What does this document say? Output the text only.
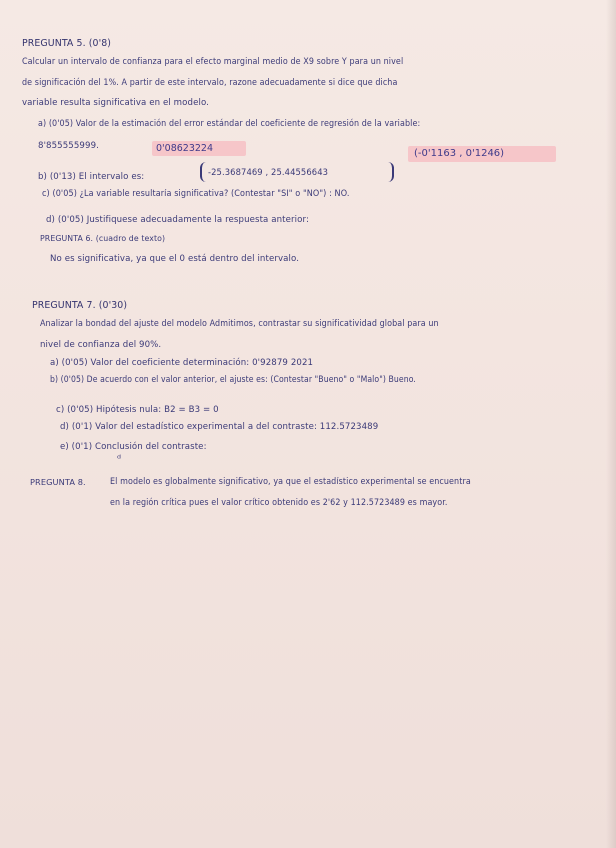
PREGUNTA 5. (0'8)
Calcular un intervalo de confianza para el efecto marginal medio de X9 sobre Y para un nivel
de significación del 1%. A partir de este intervalo, razone adecuadamente si dice que dicha
variable resulta significativa en el modelo.
a) (0'05) Valor de la estimación del error estándar del coeficiente de regresión de la variable:
8'855555999.	0'08623224
b) (0'13) El intervalo es:	-25.3687469 , 25.44556643
(-0'1163 , 0'1246)
c) (0'05) ¿La variable resultaría significativa? (Contestar "SI" o "NO") : NO.
d) (0'05) Justifiquese adecuadamente la respuesta anterior:
PREGUNTA 6. (cuadro de texto)
No es significativa, ya que el 0 está dentro del intervalo.
PREGUNTA 7. (0'30)
Analizar la bondad del ajuste del modelo Admitimos, contrastar su significatividad global para un
nivel de confianza del 90%.
a) (0'05) Valor del coeficiente determinación: 0'92879 2021
b) (0'05) De acuerdo con el valor anterior, el ajuste es: (Contestar "Bueno" o "Malo") Bueno.
c) (0'05) Hipótesis nula: B2 = B3 = 0
d) (0'1) Valor del estadístico experimental a del contraste: 112.5723489
e) (0'1) Conclusión del contraste:
PREGUNTA 8.
ᵈ
El modelo es globalmente significativo, ya que el estadístico experimental se encuentra
en la región crítica pues el valor crítico obtenido es 2'62 y 112.5723489 es mayor.
